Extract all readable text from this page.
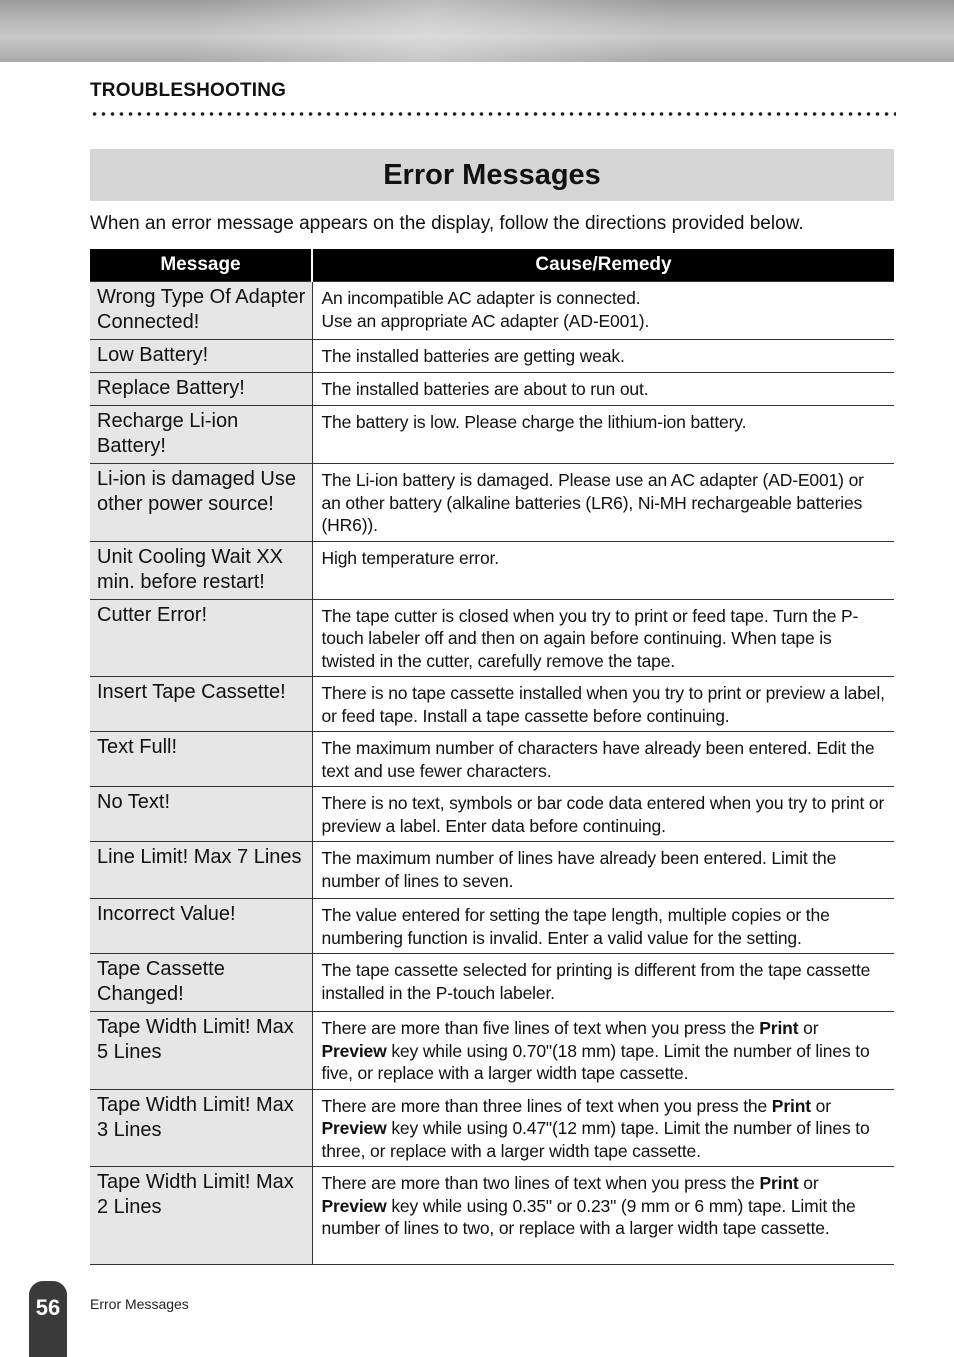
TROUBLESHOOTING
Error Messages
When an error message appears on the display, follow the directions provided below.
Message	Cause/Remedy
Wrong Type Of Adapter Connected!	An incompatible AC adapter is connected.
Use an appropriate AC adapter (AD-E001).
Low Battery!	The installed batteries are getting weak.
Replace Battery!	The installed batteries are about to run out.
Recharge Li-ion Battery!	The battery is low. Please charge the lithium-ion battery.
Li-ion is damaged Use other power source!	The Li-ion battery is damaged. Please use an AC adapter (AD-E001) or an other battery (alkaline batteries (LR6), Ni-MH rechargeable batteries (HR6)).
Unit Cooling Wait XX min. before restart!	High temperature error.
Cutter Error!	The tape cutter is closed when you try to print or feed tape. Turn the P-touch labeler off and then on again before continuing. When tape is twisted in the cutter, carefully remove the tape.
Insert Tape Cassette!	There is no tape cassette installed when you try to print or preview a label, or feed tape. Install a tape cassette before continuing.
Text Full!	The maximum number of characters have already been entered. Edit the text and use fewer characters.
No Text!	There is no text, symbols or bar code data entered when you try to print or preview a label. Enter data before continuing.
Line Limit! Max 7 Lines	The maximum number of lines have already been entered. Limit the number of lines to seven.
Incorrect Value!	The value entered for setting the tape length, multiple copies or the numbering function is invalid. Enter a valid value for the setting.
Tape Cassette Changed!	The tape cassette selected for printing is different from the tape cassette installed in the P-touch labeler.
Tape Width Limit! Max 5 Lines	There are more than five lines of text when you press the Print or Preview key while using 0.70"(18 mm) tape. Limit the number of lines to five, or replace with a larger width tape cassette.
Tape Width Limit! Max 3 Lines	There are more than three lines of text when you press the Print or Preview key while using 0.47"(12 mm) tape. Limit the number of lines to three, or replace with a larger width tape cassette.
Tape Width Limit! Max 2 Lines	There are more than two lines of text when you press the Print or Preview key while using 0.35" or 0.23" (9 mm or 6 mm) tape. Limit the number of lines to two, or replace with a larger width tape cassette.
56 Error Messages
